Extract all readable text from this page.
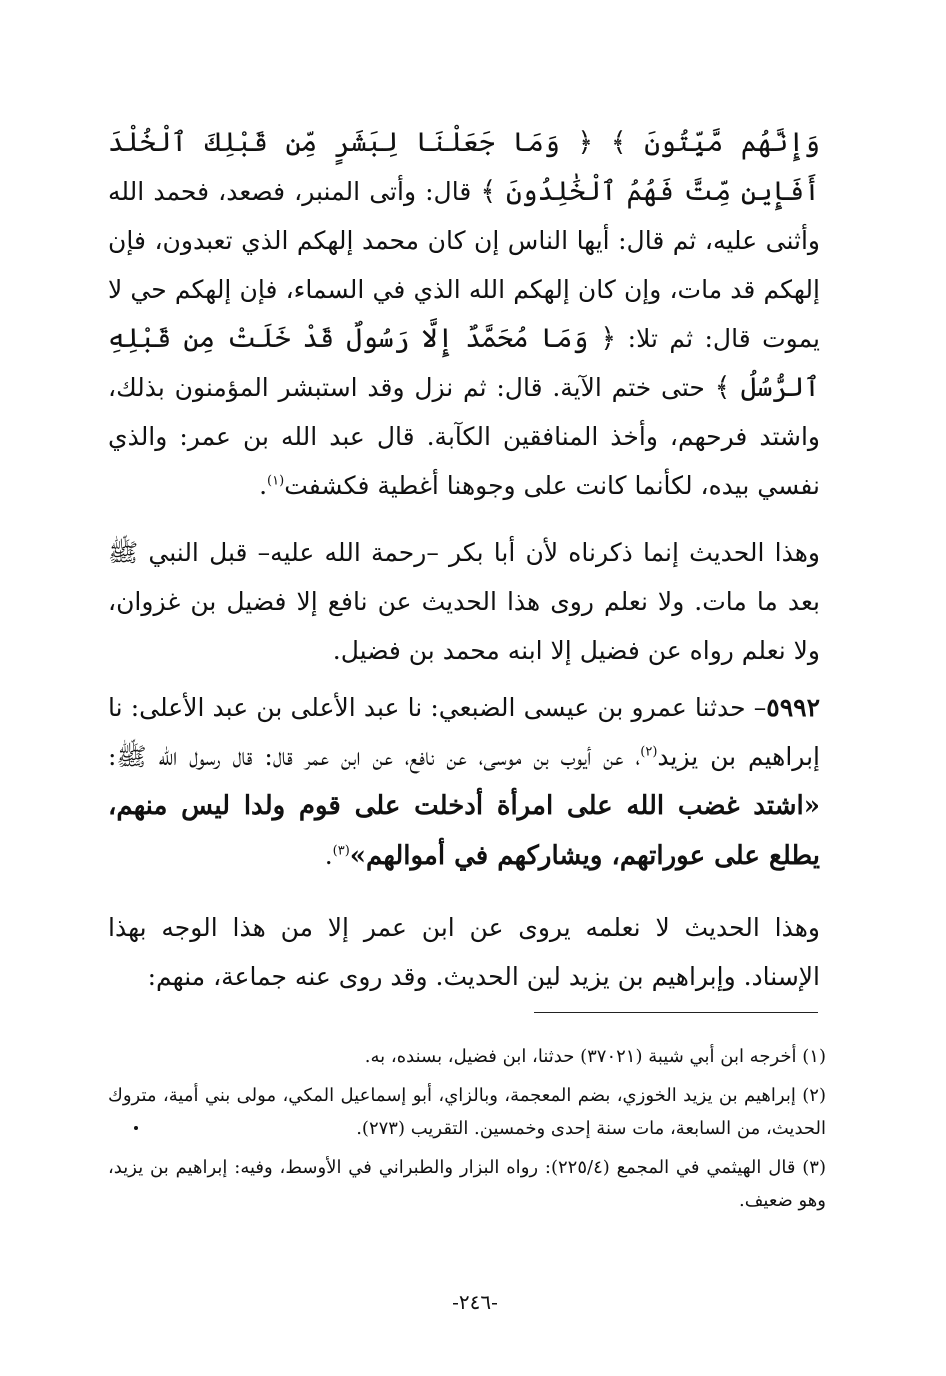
وَإِنَّهُم مَّيِّتُونَ ﴾ ﴿ وَمَا جَعَلْنَا لِبَشَرٍ مِّن قَبْلِكَ ٱلْخُلْدَ أَفَإِين مِّتَّ فَهُمُ ٱلْخَٰلِدُونَ ﴾ قال: وأتى المنبر، فصعد، فحمد الله وأثنى عليه، ثم قال: أيها الناس إن كان محمد إلهكم الذي تعبدون، فإن إلهكم قد مات، وإن كان إلهكم الله الذي في السماء، فإن إلهكم حي لا يموت قال: ثم تلا: ﴿ وَمَا مُحَمَّدٌ إِلَّا رَسُولٌ قَدْ خَلَتْ مِن قَبْلِهِ ٱلرُّسُلُ ﴾ حتى ختم الآية. قال: ثم نزل وقد استبشر المؤمنون بذلك، واشتد فرحهم، وأخذ المنافقين الكآبة. قال عبد الله بن عمر: والذي نفسي بيده، لكأنما كانت على وجوهنا أغطية فكشفت$^{(١)}$.

وهذا الحديث إنما ذكرناه لأن أبا بكر –رحمة الله عليه– قبل النبي ﷺ بعد ما مات. ولا نعلم روى هذا الحديث عن نافع إلا فضيل بن غزوان، ولا نعلم رواه عن فضيل إلا ابنه محمد بن فضيل.

٥٩٩٢– حدثنا عمرو بن عيسى الضبعي: نا عبد الأعلى بن عبد الأعلى: نا إبراهيم بن يزيد$^{(٢)}$، عن أيوب بن موسى، عن نافع، عن ابن عمر قال: قال رسول الله ﷺ: «اشتد غضب الله على امرأة أدخلت على قوم ولدا ليس منهم، يطلع على عوراتهم، ويشاركهم في أموالهم»$^{(٣)}$.

وهذا الحديث لا نعلمه يروى عن ابن عمر إلا من هذا الوجه بهذا الإسناد. وإبراهيم بن يزيد لين الحديث. وقد روى عنه جماعة، منهم:

(١) أخرجه ابن أبي شيبة (٣٧٠٢١) حدثنا، ابن فضيل، بسنده، به.

(٢) إبراهيم بن يزيد الخوزي، بضم المعجمة، وبالزاي، أبو إسماعيل المكي، مولى بني أمية، متروك الحديث، من السابعة، مات سنة إحدى وخمسين. التقريب (٢٧٣).

(٣) قال الهيثمي في المجمع (٢٢٥/٤): رواه البزار والطبراني في الأوسط، وفيه: إبراهيم بن يزيد، وهو ضعيف.

-٢٤٦-
